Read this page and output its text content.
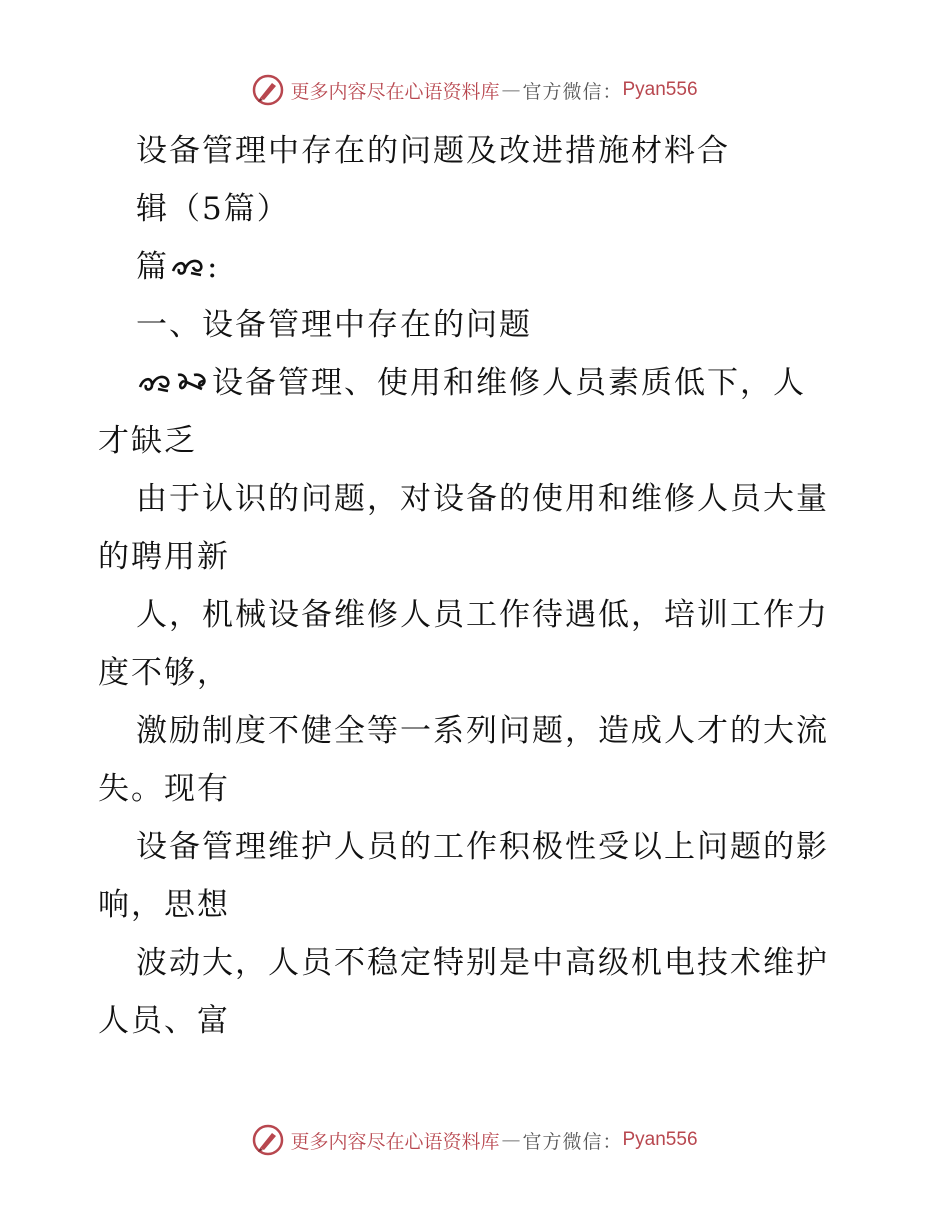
更多内容尽在心语资料库 — 官方微信： Pyan556
设备管理中存在的问题及改进措施材料合
辑（5篇）
篇 :
一、设备管理中存在的问题
设备管理、使用和维修人员素质低下，人
才缺乏
由于认识的问题，对设备的使用和维修人员大量
的聘用新
人，机械设备维修人员工作待遇低，培训工作力
度不够，
激励制度不健全等一系列问题，造成人才的大流
失。现有
设备管理维护人员的工作积极性受以上问题的影
响，思想
波动大，人员不稳定特别是中高级机电技术维护
人员、富
更多内容尽在心语资料库 — 官方微信： Pyan556
